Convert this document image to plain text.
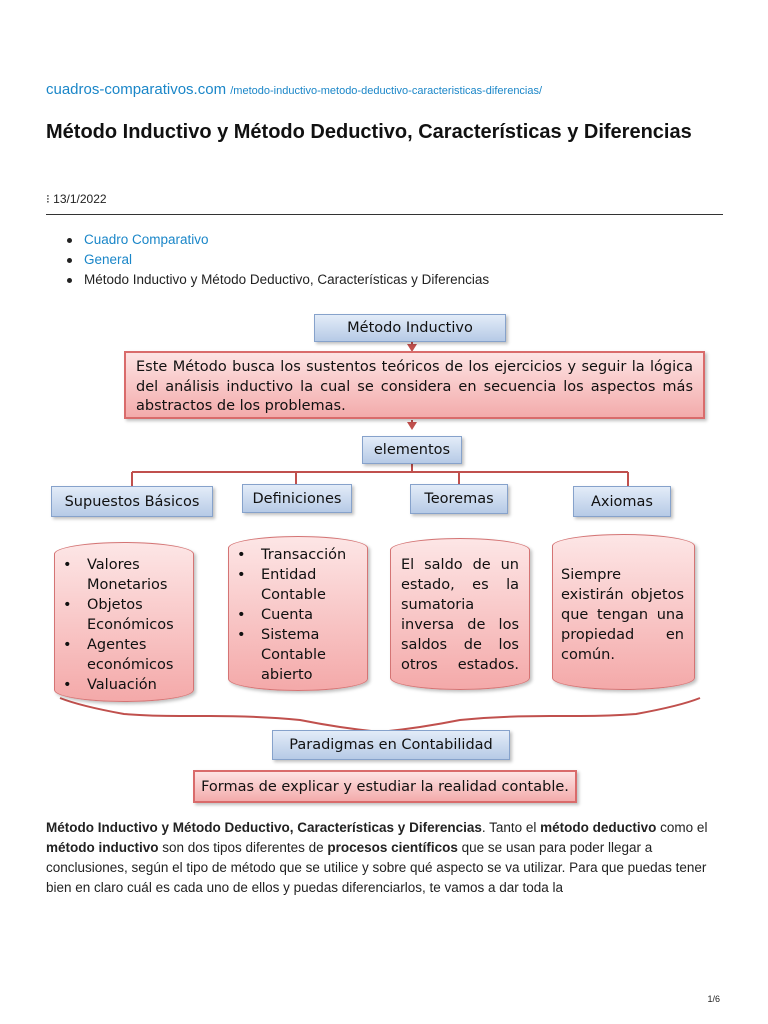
cuadros-comparativos.com /metodo-inductivo-metodo-deductivo-caracteristicas-diferencias/
Método Inductivo y Método Deductivo, Características y Diferencias
⁝ 13/1/2022
Cuadro Comparativo
General
Método Inductivo y Método Deductivo, Características y Diferencias
Método Inductivo
Este Método busca los sustentos teóricos de los ejercicios y seguir la lógica del análisis inductivo la cual se considera en secuencia los aspectos más abstractos de los problemas.
elementos
Supuestos Básicos	Definiciones	Teoremas	Axiomas
• Valores Monetarios
• Objetos Económicos
• Agentes económicos
• Valuación
• Transacción
• Entidad Contable
• Cuenta
• Sistema Contable abierto
El saldo de un estado, es la sumatoria inversa de los saldos de los otros estados.
Siempre existirán objetos que tengan una propiedad en común.
Paradigmas en Contabilidad
Formas de explicar y estudiar la realidad contable.

Método Inductivo y Método Deductivo, Características y Diferencias. Tanto el método deductivo como el método inductivo son dos tipos diferentes de procesos científicos que se usan para poder llegar a conclusiones, según el tipo de método que se utilice y sobre qué aspecto se va utilizar. Para que puedas tener bien en claro cuál es cada uno de ellos y puedas diferenciarlos, te vamos a dar toda la

1/6
